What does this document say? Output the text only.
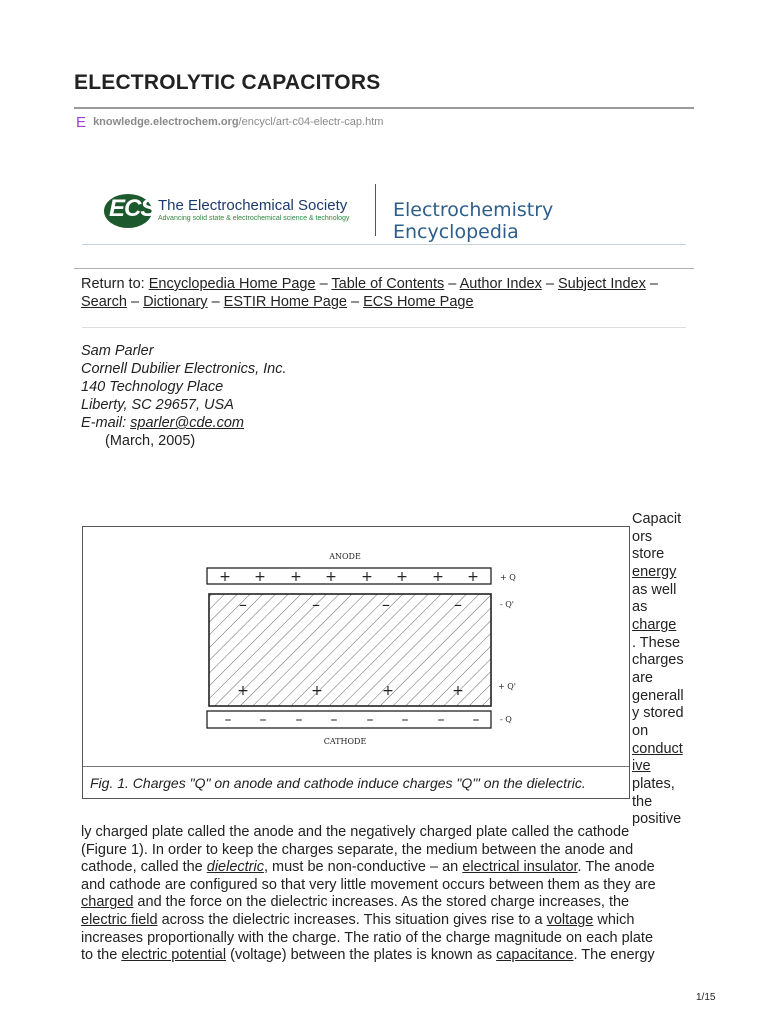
ELECTROLYTIC CAPACITORS
E knowledge.electrochem.org/encycl/art-c04-electr-cap.htm
ECS The Electrochemical Society
Advancing solid state & electrochemical science & technology Electrochemistry Encyclopedia
Return to: Encyclopedia Home Page – Table of Contents – Author Index – Subject Index –
Search – Dictionary – ESTIR Home Page – ECS Home Page
Sam Parler
Cornell Dubilier Electronics, Inc.
140 Technology Place
Liberty, SC 29657, USA
E-mail: sparler@cde.com
(March, 2005)
ANODE
+ + + + + + + +	+ Q
–	–	–	–	- Q'
+	+	+	+	+ Q'
– – – – – – – –	- Q
CATHODE
Fig. 1. Charges "Q" on anode and cathode induce charges "Q'" on the dielectric.
Capacit
ors
store
energy
as well
as
charge
. These
charges
are
generall
y stored
on
conduct
ive
plates,
the
positive

ly charged plate called the anode and the negatively charged plate called the cathode

(Figure 1). In order to keep the charges separate, the medium between the anode and

cathode, called the dielectric, must be non-conductive – an electrical insulator. The anode

and cathode are configured so that very little movement occurs between them as they are

charged and the force on the dielectric increases. As the stored charge increases, the

electric field across the dielectric increases. This situation gives rise to a voltage which

increases proportionally with the charge. The ratio of the charge magnitude on each plate

to the electric potential (voltage) between the plates is known as capacitance. The energy

1/15
